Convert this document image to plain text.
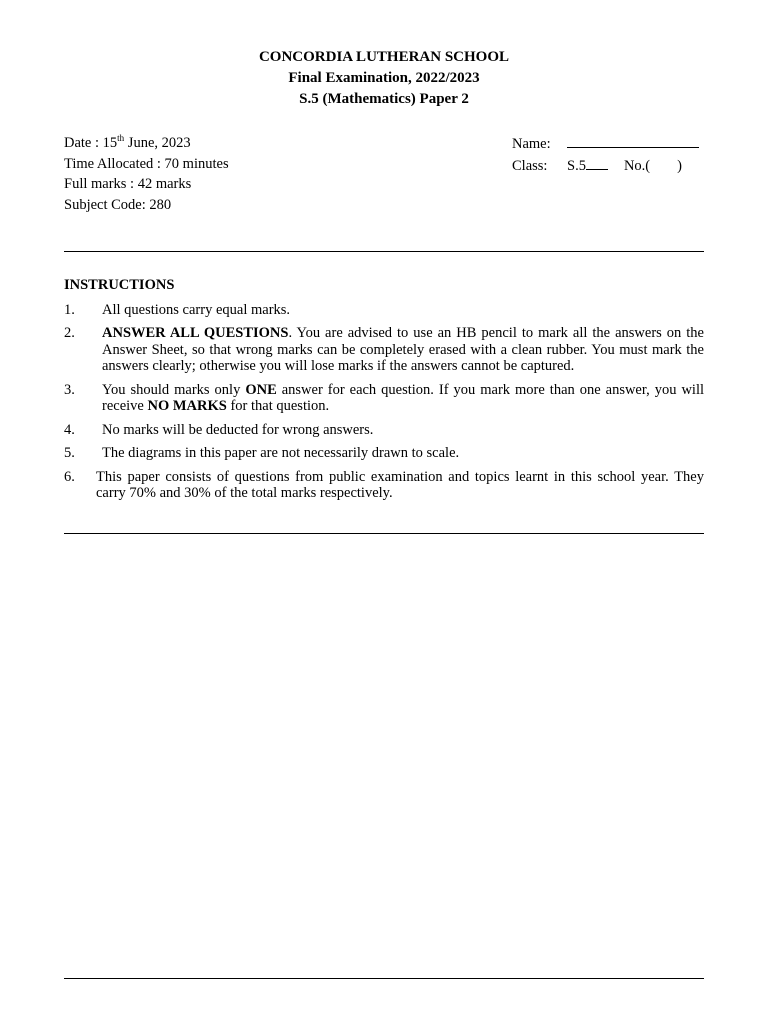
CONCORDIA LUTHERAN SCHOOL
Final Examination, 2022/2023
S.5 (Mathematics) Paper 2
Date : 15th June, 2023
Time Allocated : 70 minutes
Full marks : 42 marks
Subject Code: 280
Name:
Class: S.5	No.( )
INSTRUCTIONS
1.	All questions carry equal marks.
2.	ANSWER ALL QUESTIONS. You are advised to use an HB pencil to mark all the answers on the Answer Sheet, so that wrong marks can be completely erased with a clean rubber. You must mark the answers clearly; otherwise you will lose marks if the answers cannot be captured.
3.	You should marks only ONE answer for each question. If you mark more than one answer, you will receive NO MARKS for that question.
4.	No marks will be deducted for wrong answers.
5.	The diagrams in this paper are not necessarily drawn to scale.
6.	This paper consists of questions from public examination and topics learnt in this school year. They carry 70% and 30% of the total marks respectively.
